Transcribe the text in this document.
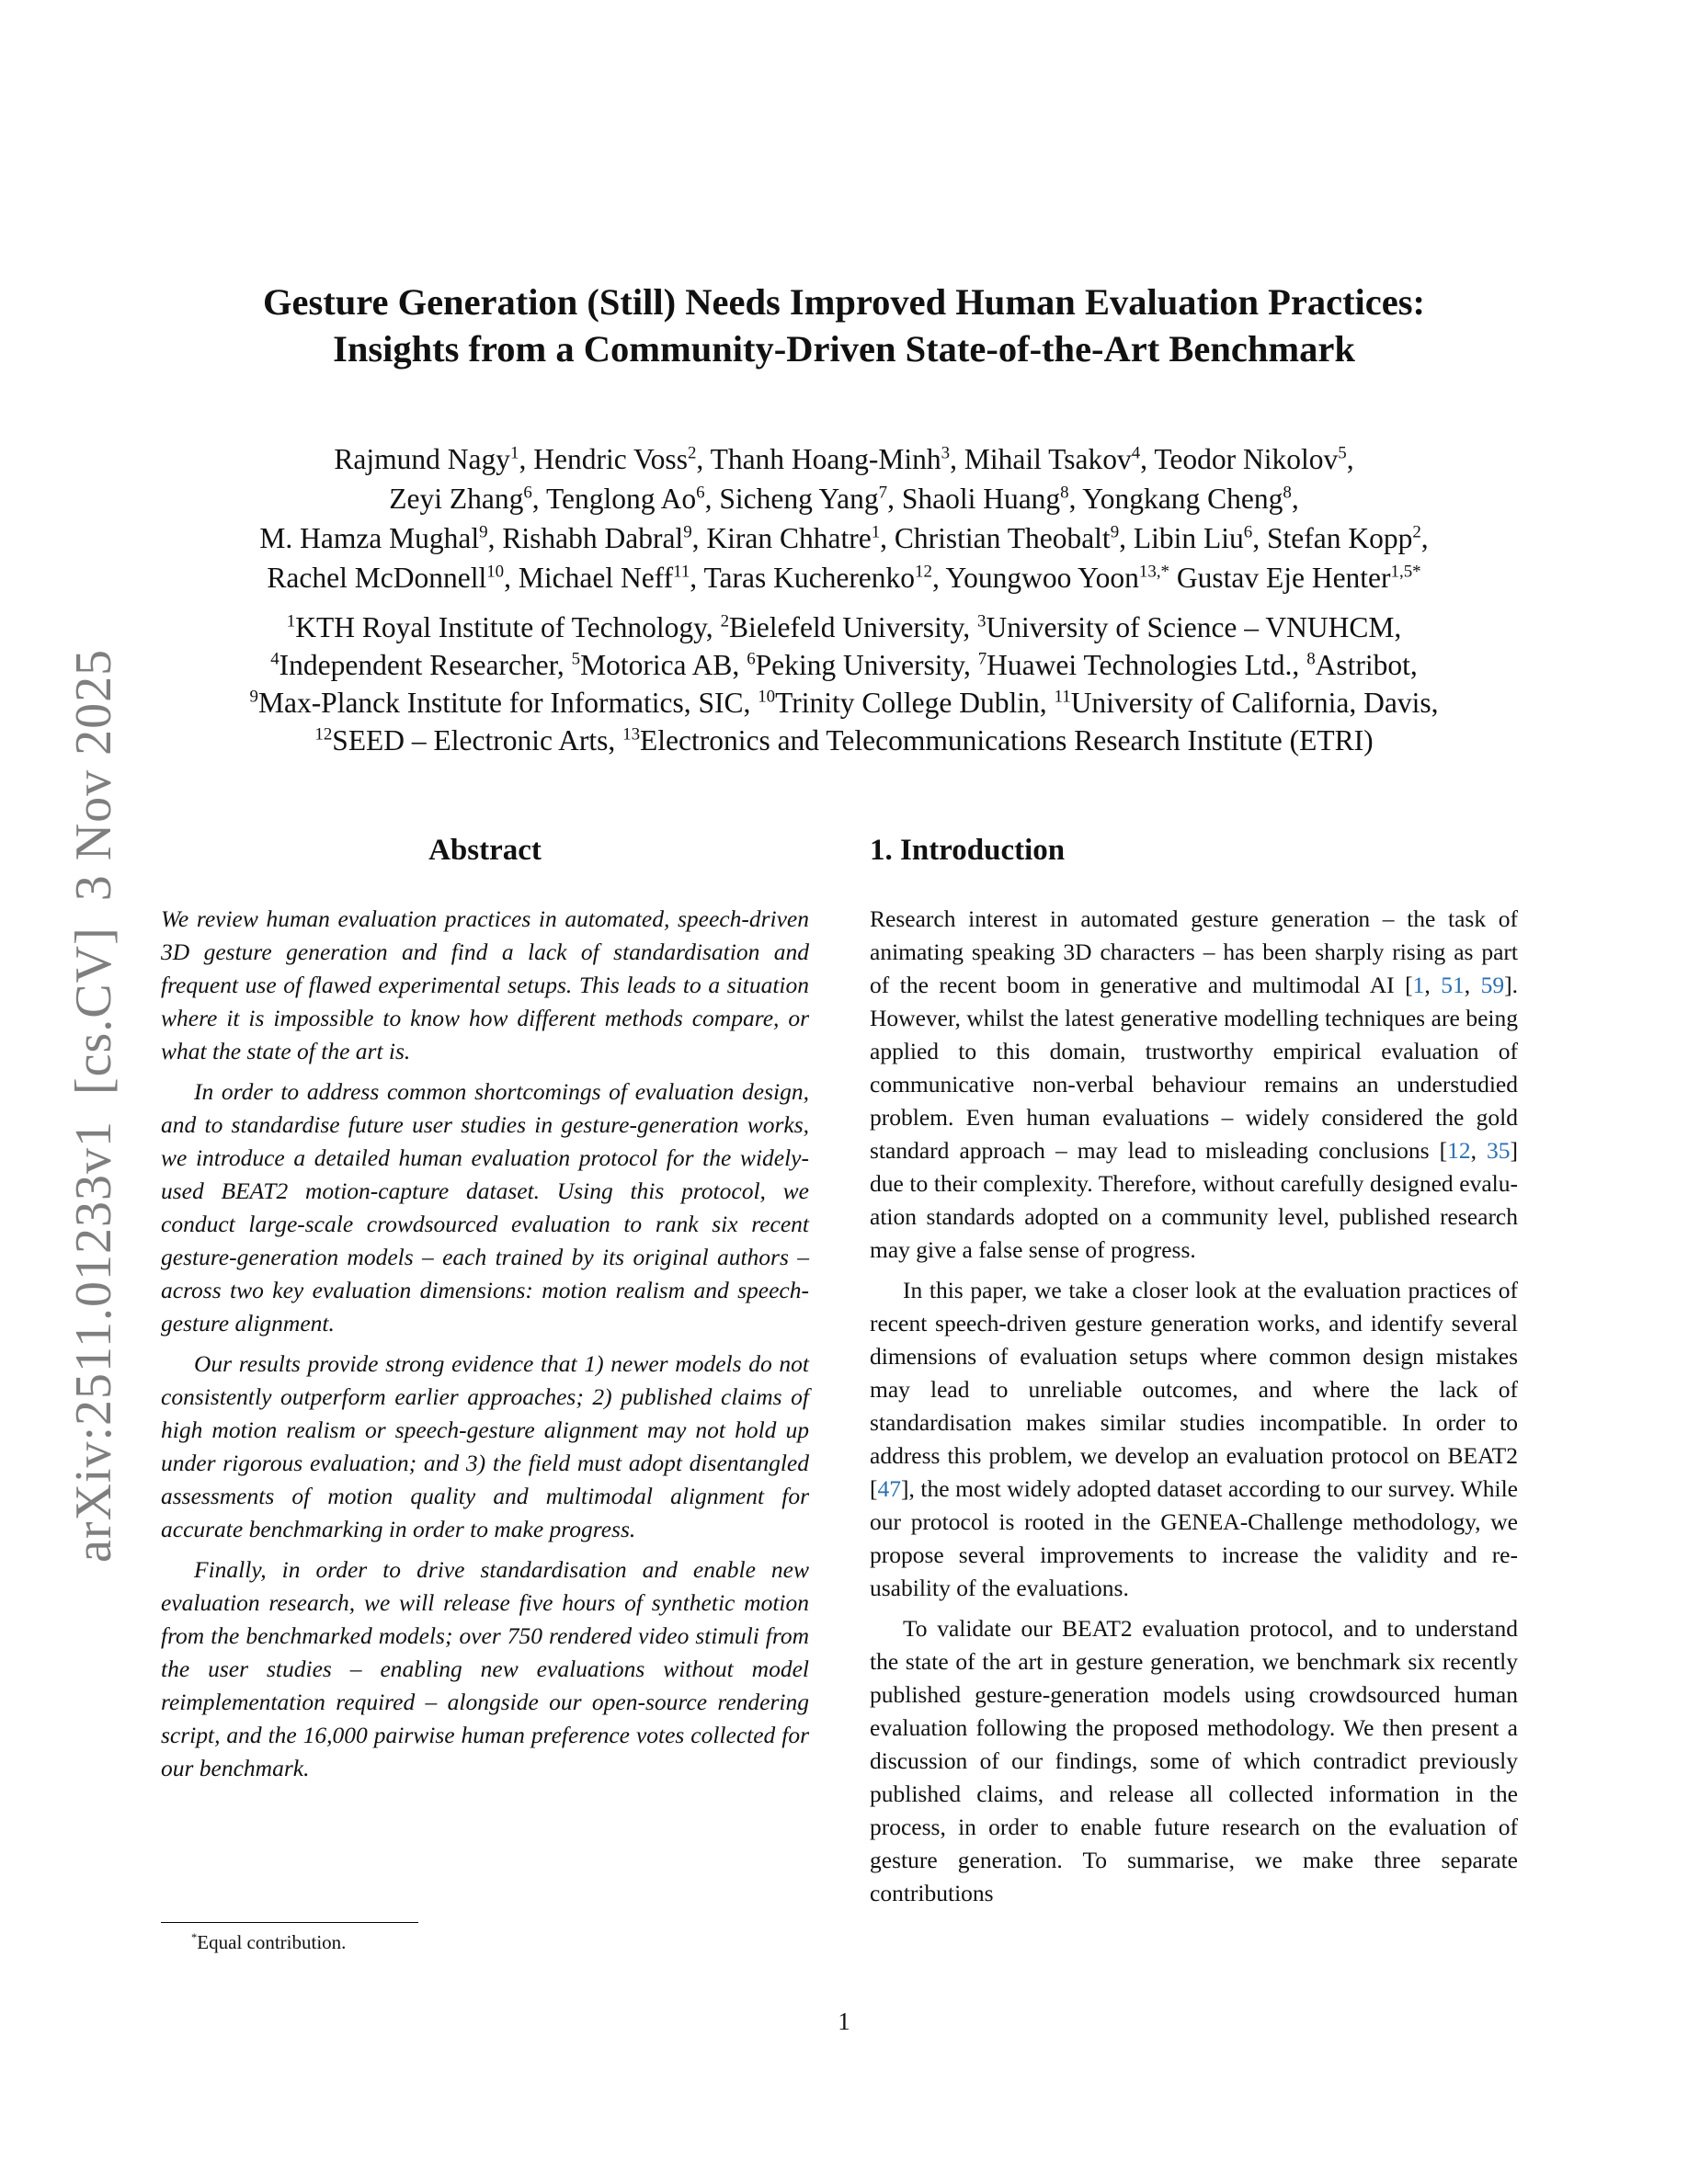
arXiv:2511.01233v1[cs.CV]3 Nov 2025
Gesture Generation (Still) Needs Improved Human Evaluation Practices:
Insights from a Community-Driven State-of-the-Art Benchmark
Rajmund Nagy$^1$, Hendric Voss$^2$, Thanh Hoang-Minh$^3$, Mihail Tsakov$^4$, Teodor Nikolov$^5$,
Zeyi Zhang$^6$, Tenglong Ao$^6$, Sicheng Yang$^7$, Shaoli Huang$^8$, Yongkang Cheng$^8$,
M. Hamza Mughal$^9$, Rishabh Dabral$^9$, Kiran Chhatre$^1$, Christian Theobalt$^9$, Libin Liu$^6$, Stefan Kopp$^2$,
Rachel McDonnell$^{10}$, Michael Neff$^{11}$, Taras Kucherenko$^{12}$, Youngwoo Yoon$^{13,*}$ Gustav Eje Henter$^{1,5*}$
$^1$KTH Royal Institute of Technology, $^2$Bielefeld University, $^3$University of Science – VNUHCM,
$^4$Independent Researcher, $^5$Motorica AB, $^6$Peking University, $^7$Huawei Technologies Ltd., $^8$Astribot,
$^9$Max-Planck Institute for Informatics, SIC, $^{10}$Trinity College Dublin, $^{11}$University of California, Davis,
$^{12}$SEED – Electronic Arts, $^{13}$Electronics and Telecommunications Research Institute (ETRI)
Abstract

We review human evaluation practices in automated, speech-driven 3D gesture generation and find a lack of standardisation and frequent use of flawed experimental setups. This leads to a situation where it is impossible to know how different methods compare, or what the state of the art is.

In order to address common shortcomings of evaluation design, and to standardise future user studies in gesture-generation works, we introduce a detailed human evaluation protocol for the widely-used BEAT2 motion-capture dataset. Using this protocol, we conduct large-scale crowdsourced evaluation to rank six recent gesture-generation models – each trained by its original authors – across two key evaluation dimensions: motion realism and speech-gesture alignment.

Our results provide strong evidence that 1) newer models do not consistently outperform earlier approaches; 2) published claims of high motion realism or speech-gesture alignment may not hold up under rigorous evaluation; and 3) the field must adopt disentangled assessments of motion quality and multimodal alignment for accurate benchmarking in order to make progress.

Finally, in order to drive standardisation and enable new evaluation research, we will release five hours of synthetic motion from the benchmarked models; over 750 rendered video stimuli from the user studies – enabling new evaluations without model reimplementation required – alongside our open-source rendering script, and the 16,000 pairwise human preference votes collected for our benchmark.

1. Introduction

Research interest in automated gesture generation – the task of animating speaking 3D characters – has been sharply rising as part of the recent boom in generative and multimodal AI [1, 51, 59]. However, whilst the latest generative modelling techniques are being applied to this domain, trustworthy empirical evaluation of communicative non-verbal behaviour remains an understudied problem. Even human evaluations – widely considered the gold standard approach – may lead to misleading conclusions [12, 35] due to their complexity. Therefore, without carefully designed evaluation standards adopted on a community level, published research may give a false sense of progress.

In this paper, we take a closer look at the evaluation practices of recent speech-driven gesture generation works, and identify several dimensions of evaluation setups where common design mistakes may lead to unreliable outcomes, and where the lack of standardisation makes similar studies incompatible. In order to address this problem, we develop an evaluation protocol on BEAT2 [47], the most widely adopted dataset according to our survey. While our protocol is rooted in the GENEA-Challenge methodology, we propose several improvements to increase the validity and re-usability of the evaluations.

To validate our BEAT2 evaluation protocol, and to understand the state of the art in gesture generation, we benchmark six recently published gesture-generation models using crowdsourced human evaluation following the proposed methodology. We then present a discussion of our findings, some of which contradict previously published claims, and release all collected information in the process, in order to enable future research on the evaluation of gesture generation. To summarise, we make three separate contributions

*Equal contribution.
1
